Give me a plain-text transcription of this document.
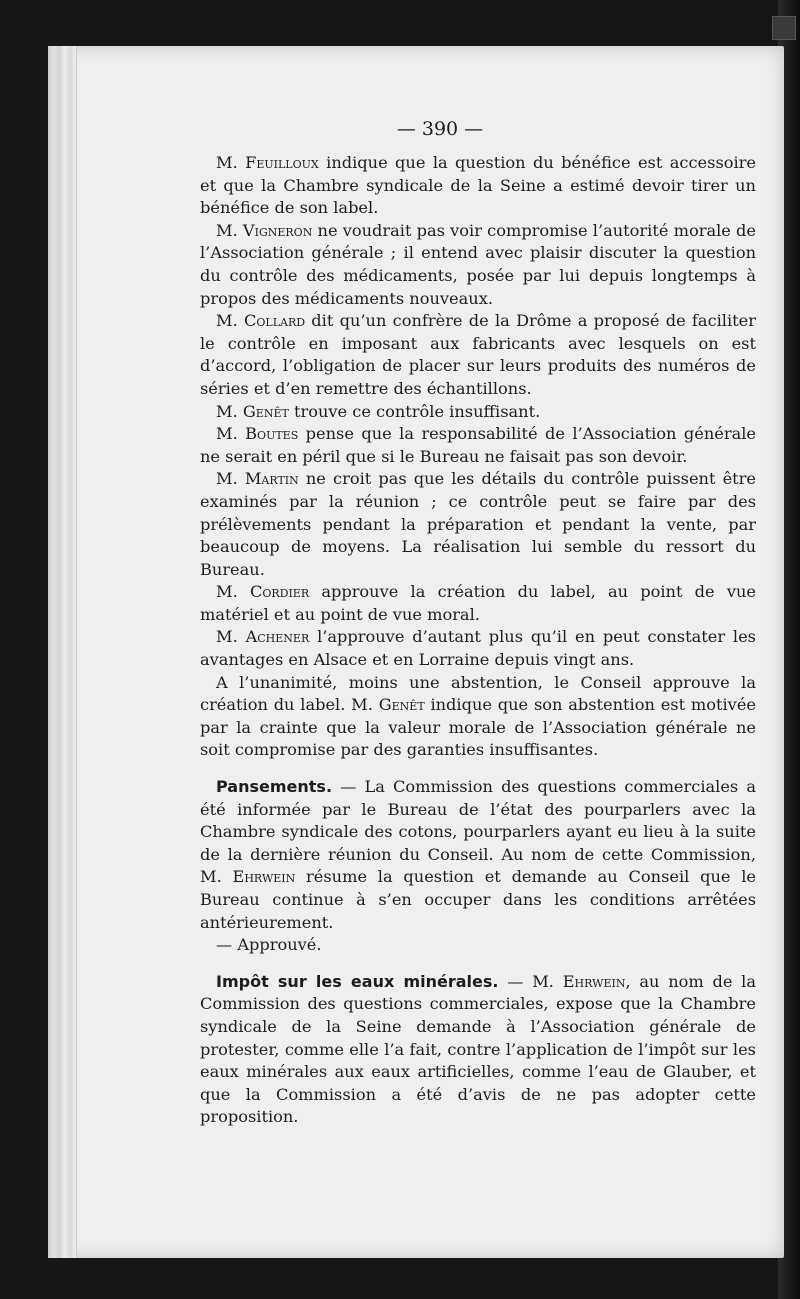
— 390 —

M. Feuilloux indique que la question du bénéfice est accessoire et que la Chambre syndicale de la Seine a estimé devoir tirer un bénéfice de son label.

M. Vigneron ne voudrait pas voir compromise l’autorité morale de l’Association générale ; il entend avec plaisir discuter la question du contrôle des médicaments, posée par lui depuis longtemps à propos des médicaments nouveaux.

M. Collard dit qu’un confrère de la Drôme a proposé de faciliter le contrôle en imposant aux fabricants avec lesquels on est d’accord, l’obligation de placer sur leurs produits des numéros de séries et d’en remettre des échantillons.

M. Genêt trouve ce contrôle insuffisant.

M. Boutes pense que la responsabilité de l’Association générale ne serait en péril que si le Bureau ne faisait pas son devoir.

M. Martin ne croit pas que les détails du contrôle puissent être examinés par la réunion ; ce contrôle peut se faire par des prélèvements pendant la préparation et pendant la vente, par beaucoup de moyens. La réalisation lui semble du ressort du Bureau.

M. Cordier approuve la création du label, au point de vue matériel et au point de vue moral.

M. Achener l’approuve d’autant plus qu’il en peut constater les avantages en Alsace et en Lorraine depuis vingt ans.

A l’unanimité, moins une abstention, le Conseil approuve la création du label. M. Genêt indique que son abstention est motivée par la crainte que la valeur morale de l’Association générale ne soit compromise par des garanties insuffisantes.

Pansements. — La Commission des questions commerciales a été informée par le Bureau de l’état des pourparlers avec la Chambre syndicale des cotons, pourparlers ayant eu lieu à la suite de la dernière réunion du Conseil. Au nom de cette Commission, M. Ehrwein résume la question et demande au Conseil que le Bureau continue à s’en occuper dans les conditions arrêtées antérieurement.

— Approuvé.

Impôt sur les eaux minérales. — M. Ehrwein, au nom de la Commission des questions commerciales, expose que la Chambre syndicale de la Seine demande à l’Association générale de protester, comme elle l’a fait, contre l’application de l’impôt sur les eaux minérales aux eaux artificielles, comme l’eau de Glauber, et que la Commission a été d’avis de ne pas adopter cette proposition.
